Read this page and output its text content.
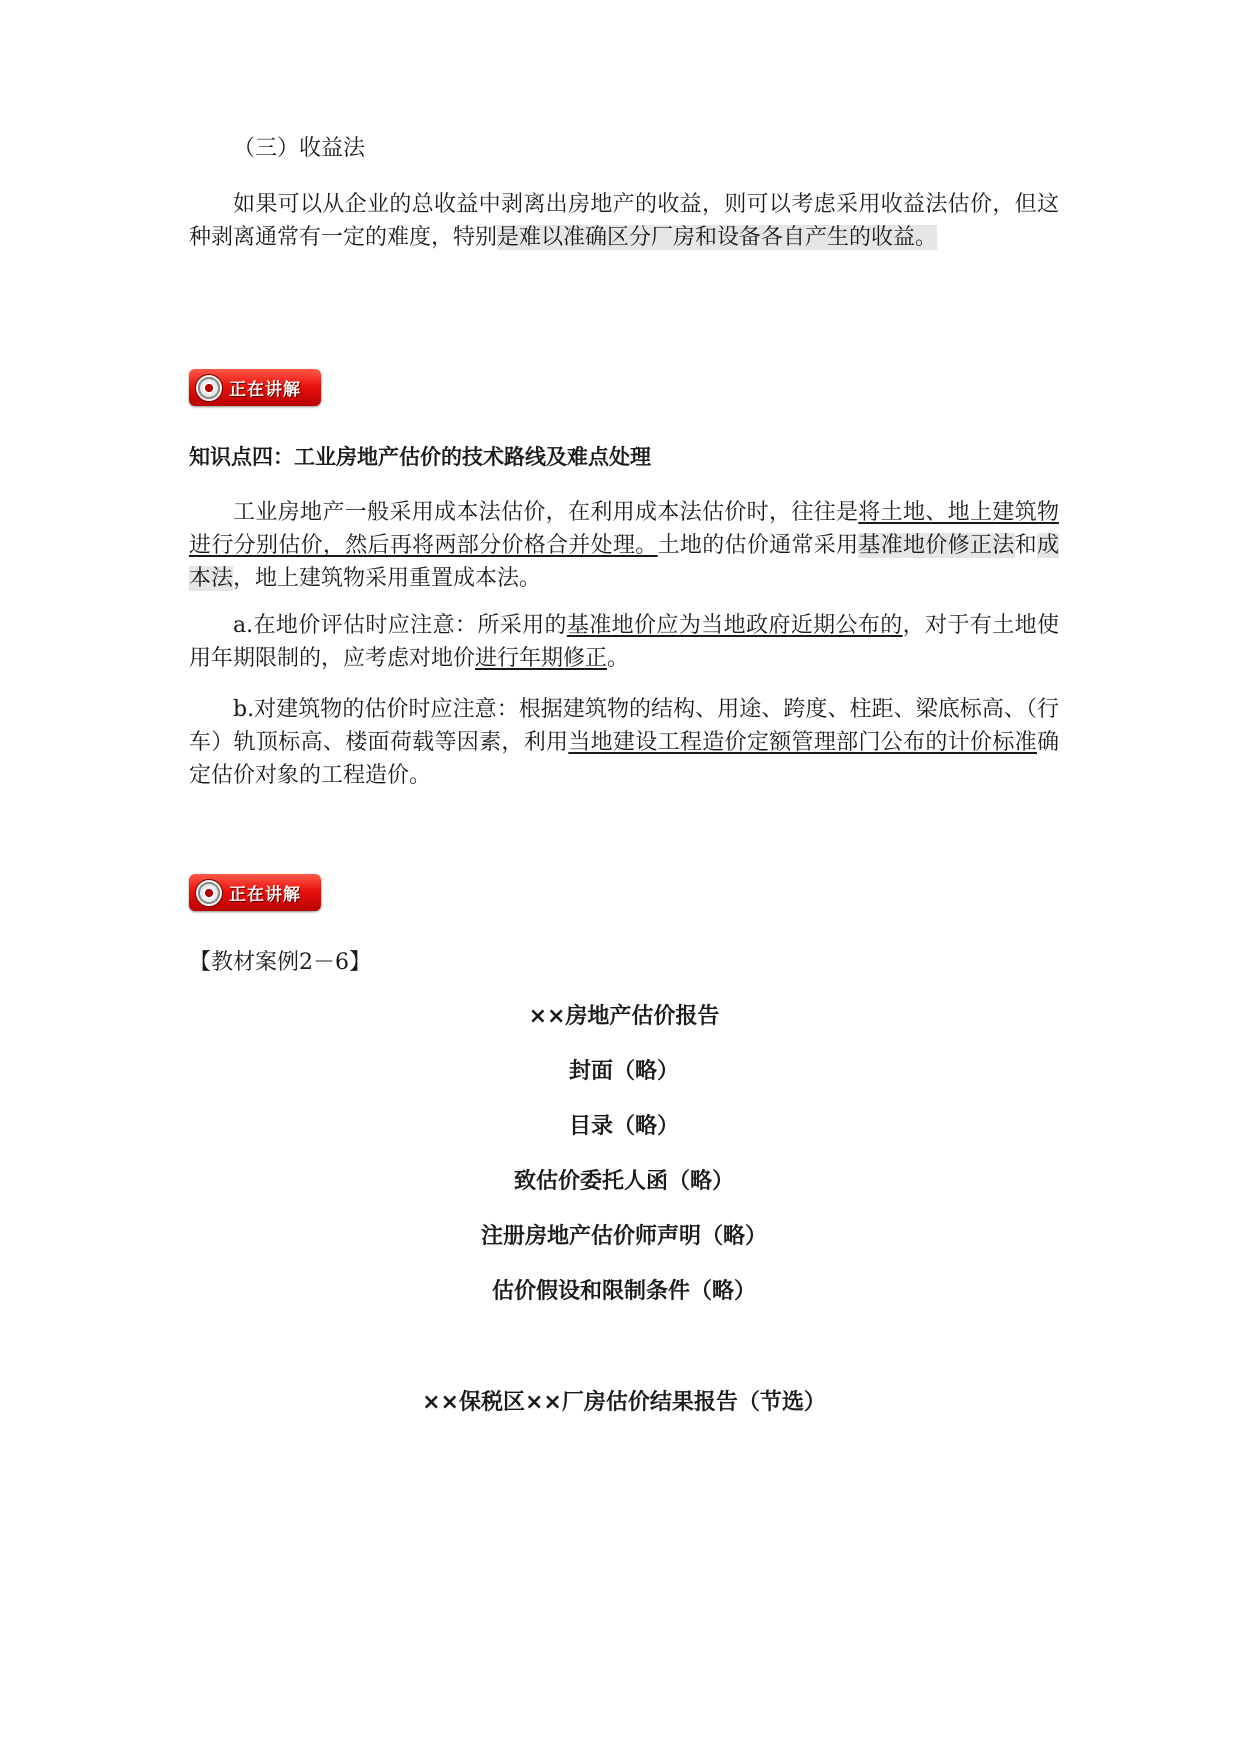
（三）收益法
如果可以从企业的总收益中剥离出房地产的收益，则可以考虑采用收益法估价，但这种剥离通常有一定的难度，特别是难以准确区分厂房和设备各自产生的收益。
正在讲解
知识点四：工业房地产估价的技术路线及难点处理
工业房地产一般采用成本法估价，在利用成本法估价时，往往是将土地、地上建筑物进行分别估价，然后再将两部分价格合并处理。土地的估价通常采用基准地价修正法和成本法，地上建筑物采用重置成本法。
a.在地价评估时应注意：所采用的基准地价应为当地政府近期公布的，对于有土地使用年期限制的，应考虑对地价进行年期修正。
b.对建筑物的估价时应注意：根据建筑物的结构、用途、跨度、柱距、梁底标高、（行车）轨顶标高、楼面荷载等因素，利用当地建设工程造价定额管理部门公布的计价标准确定估价对象的工程造价。
正在讲解
【教材案例2－6】
××房地产估价报告
封面（略）
目录（略）
致估价委托人函（略）
注册房地产估价师声明（略）
估价假设和限制条件（略）
××保税区××厂房估价结果报告（节选）
